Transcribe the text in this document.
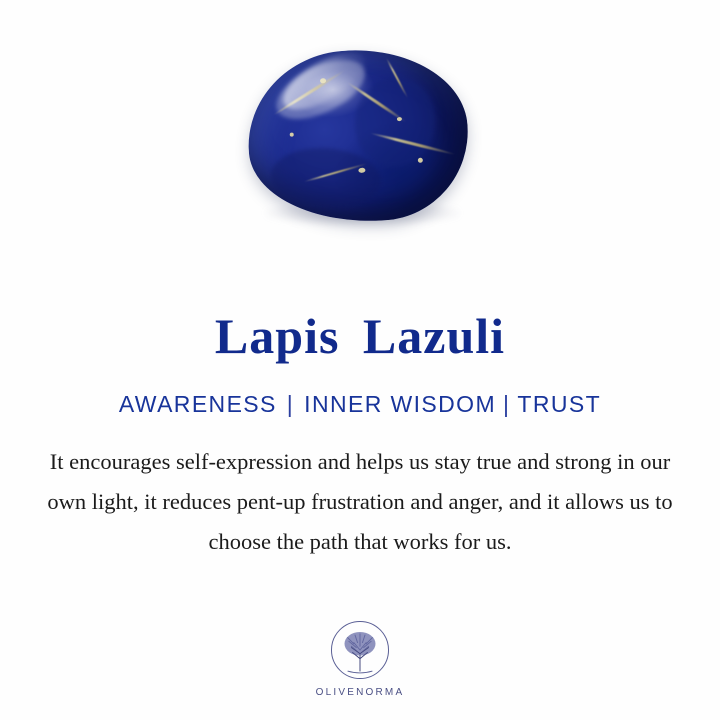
Lapis Lazuli
AWARENESS | INNER WISDOM | TRUST
It encourages self-expression and helps us stay true and strong in our own light, it reduces pent-up frustration and anger, and it allows us to choose the path that works for us.
OLIVENORMA
